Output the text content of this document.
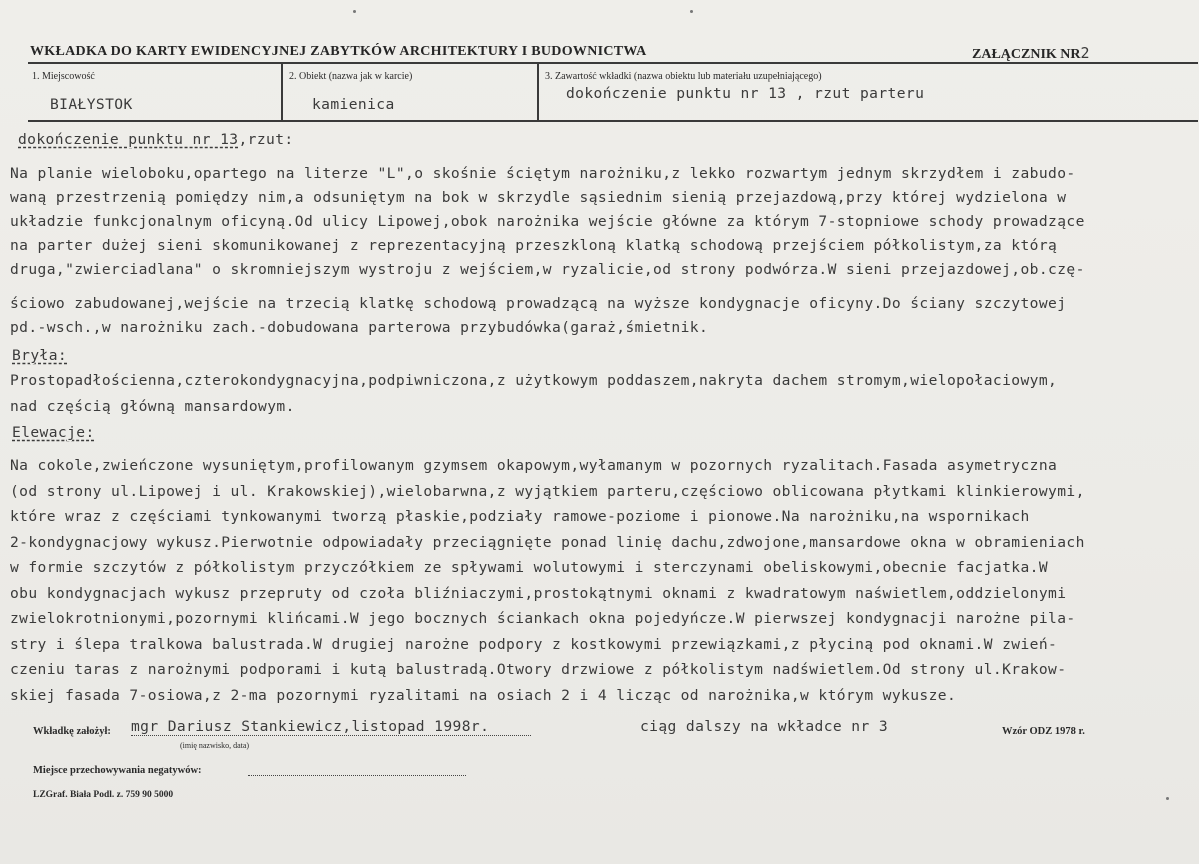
WKŁADKA DO KARTY EWIDENCYJNEJ ZABYTKÓW ARCHITEKTURY I BUDOWNICTWA	ZAŁĄCZNIK NR2
1. Miejscowość
BIAŁYSTOK
2. Obiekt (nazwa jak w karcie)
kamienica
3. Zawartość wkładki (nazwa obiektu lub materiału uzupełniającego)
dokończenie punktu nr 13 , rzut parteru
dokończenie punktu nr 13,rzut:
Na planie wieloboku,opartego na literze "L",o skośnie ściętym narożniku,z lekko rozwartym jednym skrzydłem i zabudo-
waną przestrzenią pomiędzy nim,a odsuniętym na bok w skrzydle sąsiednim sienią przejazdową,przy której wydzielona w
układzie funkcjonalnym oficyną.Od ulicy Lipowej,obok narożnika wejście główne za którym 7-stopniowe schody prowadzące
na parter dużej sieni skomunikowanej z reprezentacyjną przeszkloną klatką schodową przejściem półkolistym,za którą
druga,"zwierciadlana" o skromniejszym wystroju z wejściem,w ryzalicie,od strony podwórza.W sieni przejazdowej,ob.czę-
ściowo zabudowanej,wejście na trzecią klatkę schodową prowadzącą na wyższe kondygnacje oficyny.Do ściany szczytowej
pd.-wsch.,w narożniku zach.-dobudowana parterowa przybudówka(garaż,śmietnik.
Bryła:
Prostopadłościenna,czterokondygnacyjna,podpiwniczona,z użytkowym poddaszem,nakryta dachem stromym,wielopołaciowym,
nad częścią główną mansardowym.
Elewacje:
Na cokole,zwieńczone wysuniętym,profilowanym gzymsem okapowym,wyłamanym w pozornych ryzalitach.Fasada asymetryczna
(od strony ul.Lipowej i ul. Krakowskiej),wielobarwna,z wyjątkiem parteru,częściowo oblicowana płytkami klinkierowymi,
które wraz z częściami tynkowanymi tworzą płaskie,podziały ramowe-poziome i pionowe.Na narożniku,na wspornikach
2-kondygnacjowy wykusz.Pierwotnie odpowiadały przeciągnięte ponad linię dachu,zdwojone,mansardowe okna w obramieniach
w formie szczytów z półkolistym przyczółkiem ze spływami wolutowymi i sterczynami obeliskowymi,obecnie facjatka.W
obu kondygnacjach wykusz przepruty od czoła bliźniaczymi,prostokątnymi oknami z kwadratowym naświetlem,oddzielonymi
zwielokrotnionymi,pozornymi klińcami.W jego bocznych ściankach okna pojedyńcze.W pierwszej kondygnacji narożne pila-
stry i ślepa tralkowa balustrada.W drugiej narożne podpory z kostkowymi przewiązkami,z płyciną pod oknami.W zwień-
czeniu taras z narożnymi podporami i kutą balustradą.Otwory drzwiowe z półkolistym nadświetlem.Od strony ul.Krakow-
skiej fasada 7-osiowa,z 2-ma pozornymi ryzalitami na osiach 2 i 4 licząc od narożnika,w którym wykusze.
Wkładkę założył: mgr Dariusz Stankiewicz,listopad 1998r.
(imię nazwisko, data)
ciąg dalszy na wkładce nr 3	Wzór ODZ 1978 r.
Miejsce przechowywania negatywów:
LZGraf. Biała Podl. z. 759 90 5000
